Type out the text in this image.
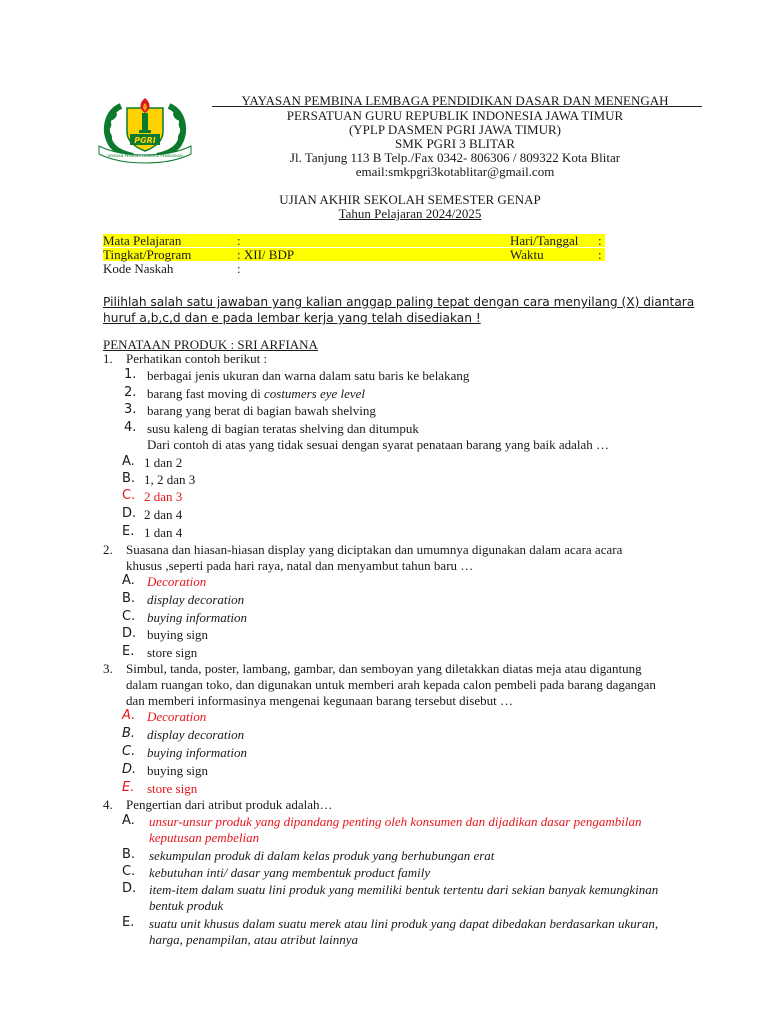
PGRI
YAYASAN PEMBINA LEMBAGA PENDIDIKAN
YAYASAN PEMBINA LEMBAGA PENDIDIKAN DASAR DAN MENENGAH
PERSATUAN GURU REPUBLIK INDONESIA JAWA TIMUR
(YPLP DASMEN PGRI JAWA TIMUR)
SMK PGRI 3 BLITAR
Jl. Tanjung 113 B Telp./Fax 0342- 806306 / 809322 Kota Blitar
email:smkpgri3kotablitar@gmail.com
UJIAN AKHIR SEKOLAH SEMESTER GENAP
Tahun Pelajaran 2024/2025
Mata Pelajaran	:	Hari/Tanggal :
Tingkat/Program	: XII/ BDP	Waktu	:
Kode Naskah	:
Pilihlah salah satu jawaban yang kalian anggap paling tepat dengan cara menyilang (X) diantara
huruf a,b,c,d dan e pada lembar kerja yang telah disediakan !
PENATAAN PRODUK : SRI ARFIANA
1. Perhatikan contoh berikut :
1. berbagai jenis ukuran dan warna dalam satu baris ke belakang
2. barang fast moving di costumers eye level
3. barang yang berat di bagian bawah shelving
4. susu kaleng di bagian teratas shelving dan ditumpuk
Dari contoh di atas yang tidak sesuai dengan syarat penataan barang yang baik adalah …
A. 1 dan 2
B. 1, 2 dan 3
C. 2 dan 3
D. 2 dan 4
E. 1 dan 4
2. Suasana dan hiasan-hiasan display yang diciptakan dan umumnya digunakan dalam acara acara
khusus ,seperti pada hari raya, natal dan menyambut tahun baru …
A. Decoration
B. display decoration
C. buying information
D. buying sign
E. store sign
3. Simbul, tanda, poster, lambang, gambar, dan semboyan yang diletakkan diatas meja atau digantung
dalam ruangan toko, dan digunakan untuk memberi arah kepada calon pembeli pada barang dagangan
dan memberi informasinya mengenai kegunaan barang tersebut disebut …
A. Decoration
B. display decoration
C. buying information
D. buying sign
E. store sign
4. Pengertian dari atribut produk adalah…
A. unsur-unsur produk yang dipandang penting oleh konsumen dan dijadikan dasar pengambilan
keputusan pembelian
B. sekumpulan produk di dalam kelas produk yang berhubungan erat
C. kebutuhan inti/ dasar yang membentuk product family
D. item-item dalam suatu lini produk yang memiliki bentuk tertentu dari sekian banyak kemungkinan
bentuk produk
E. suatu unit khusus dalam suatu merek atau lini produk yang dapat dibedakan berdasarkan ukuran,
harga, penampilan, atau atribut lainnya
